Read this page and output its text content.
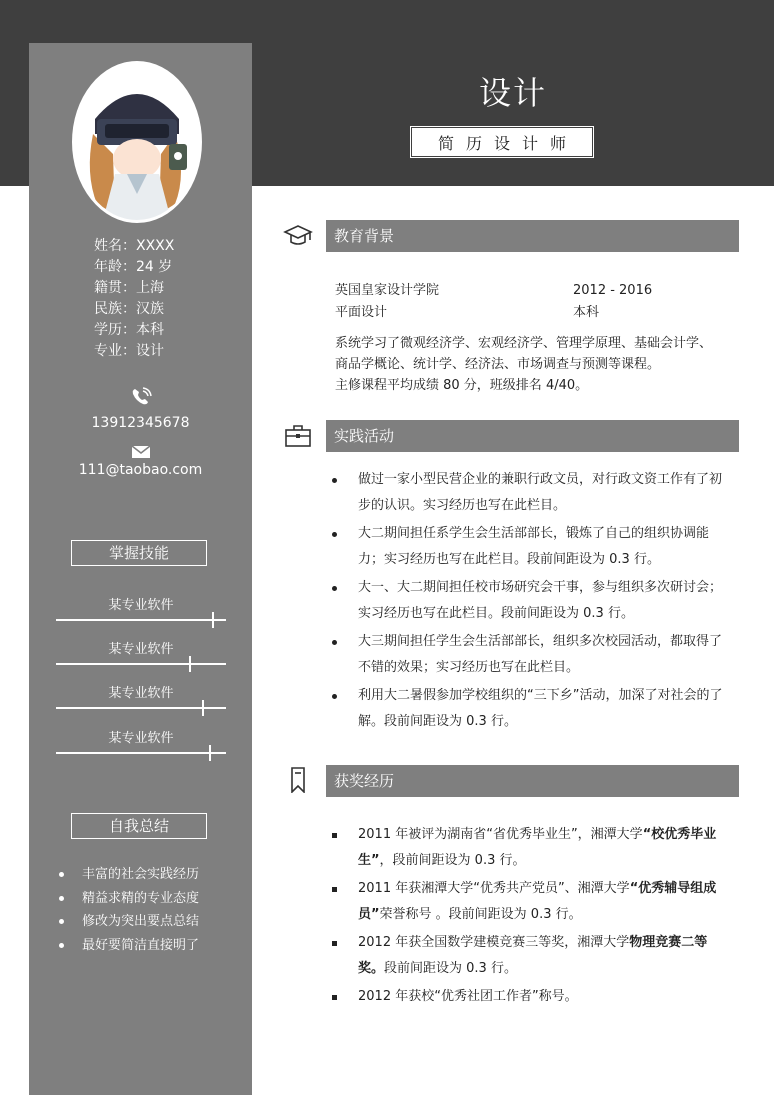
姓名：XXXX
年龄：24 岁
籍贯：上海
民族：汉族
学历：本科
专业：设计
13912345678
111@taobao.com
掌握技能
某专业软件
某专业软件
某专业软件
某专业软件
自我总结
丰富的社会实践经历
精益求精的专业态度
修改为突出要点总结
最好要简洁直接明了
设计
简历设计师
教育背景
英国皇家设计学院	2012 - 2016
平面设计	本科
系统学习了微观经济学、宏观经济学、管理学原理、基础会计学、
商品学概论、统计学、经济法、市场调查与预测等课程。
主修课程平均成绩 80 分，班级排名 4/40。
实践活动
做过一家小型民营企业的兼职行政文员，对行政文资工作有了初步的认识。实习经历也写在此栏目。
大二期间担任系学生会生活部部长，锻炼了自己的组织协调能力；实习经历也写在此栏目。段前间距设为 0.3 行。
大一、大二期间担任校市场研究会干事，参与组织多次研讨会；实习经历也写在此栏目。段前间距设为 0.3 行。
大三期间担任学生会生活部部长，组织多次校园活动，都取得了不错的效果；实习经历也写在此栏目。
利用大二暑假参加学校组织的“三下乡”活动，加深了对社会的了解。段前间距设为 0.3 行。
获奖经历
2011 年被评为湖南省“省优秀毕业生”，湘潭大学“校优秀毕业生”，段前间距设为 0.3 行。
2011 年获湘潭大学“优秀共产党员”、湘潭大学“优秀辅导组成员”荣誉称号 。段前间距设为 0.3 行。
2012 年获全国数学建模竞赛三等奖，湘潭大学物理竞赛二等奖。段前间距设为 0.3 行。
2012 年获校“优秀社团工作者”称号。
